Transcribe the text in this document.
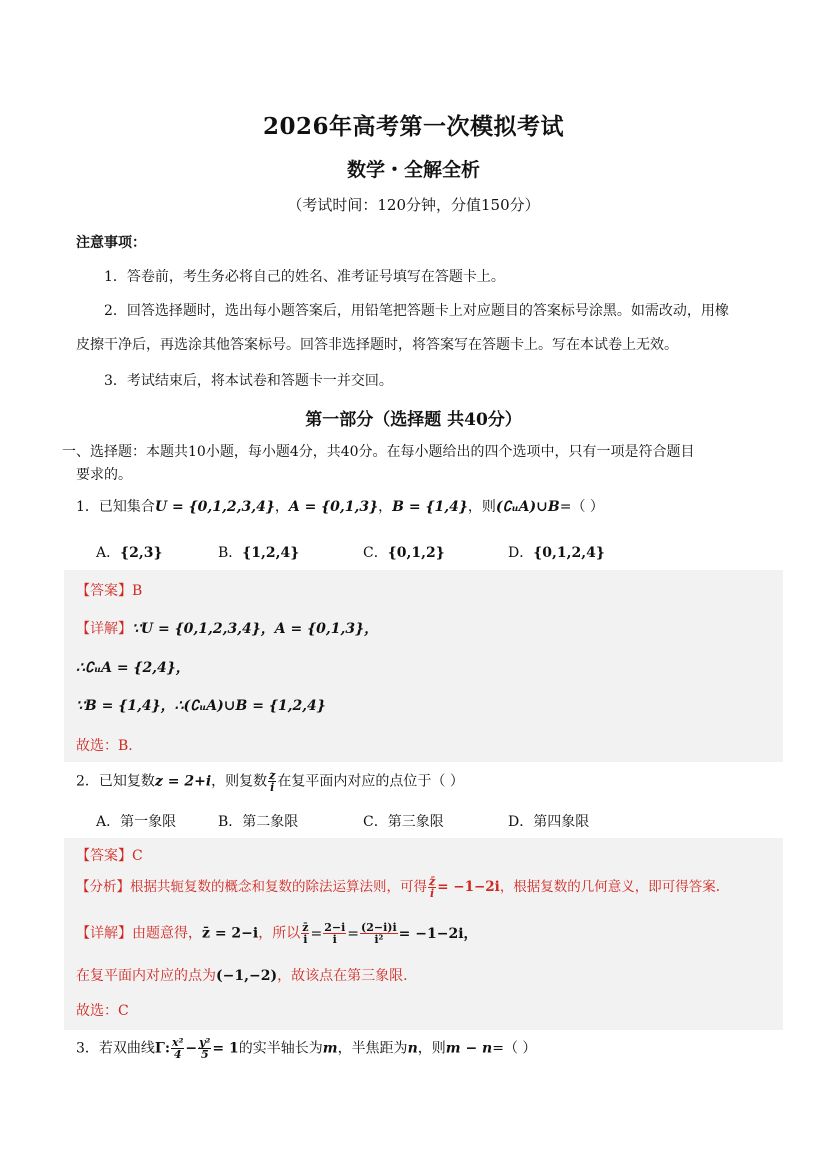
2026年高考第一次模拟考试
数学・全解全析
（考试时间：120分钟，分值150分）
注意事项：
1．答卷前，考生务必将自己的姓名、准考证号填写在答题卡上。
2．回答选择题时，选出每小题答案后，用铅笔把答题卡上对应题目的答案标号涂黑。如需改动，用橡
皮擦干净后，再选涂其他答案标号。回答非选择题时，将答案写在答题卡上。写在本试卷上无效。
3．考试结束后，将本试卷和答题卡一并交回。
第一部分（选择题 共40分）
一、选择题：本题共10小题，每小题4分，共40分。在每小题给出的四个选项中，只有一项是符合题目
要求的。
1．已知集合U = {0,1,2,3,4}，A = {0,1,3}，B = {1,4}，则(∁ᵤA)∪B=（ ）
A．{2,3}	B．{1,2,4}	C．{0,1,2}	D．{0,1,2,4}
【答案】B
【详解】∵U = {0,1,2,3,4}，A = {0,1,3}，
∴∁ᵤA = {2,4}，
∵B = {1,4}，∴(∁ᵤA)∪B = {1,2,4}
故选：B.
2．已知复数z = 2+i，则复数 $\frac{z}{i}$ 在复平面内对应的点位于（ ）
A．第一象限	B．第二象限	C．第三象限	D．第四象限
【答案】C
【分析】根据共轭复数的概念和复数的除法运算法则，可得 $\frac{z̄}{i} = -1-2i$，根据复数的几何意义，即可得答案.
【详解】由题意得，z̄ = 2−i，所以 $\frac{z̄}{i} = \frac{2-i}{i} = \frac{(2-i)i}{\text{i²}} = -1-2i$，
在复平面内对应的点为(−1,−2)，故该点在第三象限.
故选：C
3．若双曲线Γ: $\frac{\text{x²}}{4} - \frac{\text{y²}}{5} = 1$的实半轴长为m，半焦距为n，则m − n=（ ）
